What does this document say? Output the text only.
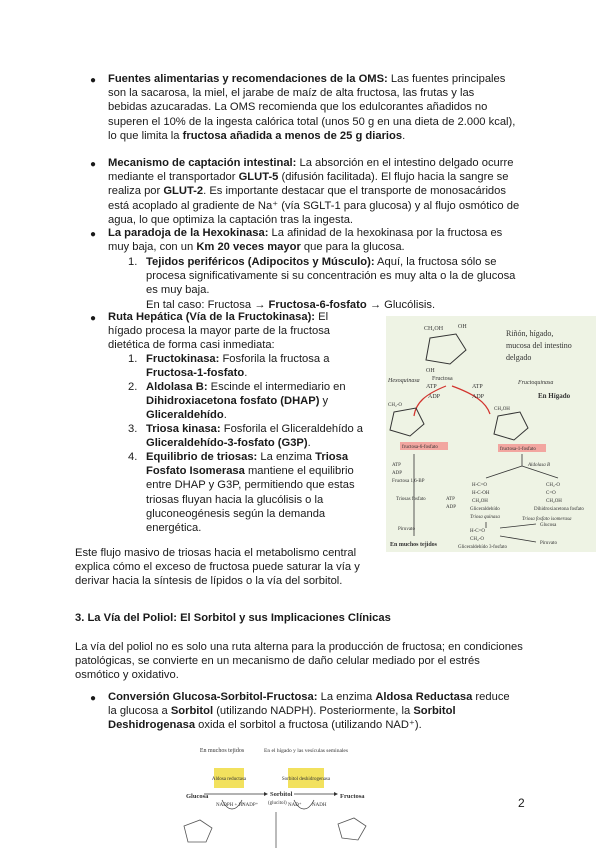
● Fuentes alimentarias y recomendaciones de la OMS: Las fuentes principales son la sacarosa, la miel, el jarabe de maíz de alta fructosa, las frutas y las bebidas azucaradas. La OMS recomienda que los edulcorantes añadidos no superen el 10% de la ingesta calórica total (unos 50 g en una dieta de 2.000 kcal), lo que limita la fructosa añadida a menos de 25 g diarios.

● Mecanismo de captación intestinal: La absorción en el intestino delgado ocurre mediante el transportador GLUT-5 (difusión facilitada). El flujo hacia la sangre se realiza por GLUT-2. Es importante destacar que el transporte de monosacáridos está acoplado al gradiente de Na⁺ (vía SGLT-1 para glucosa) y al flujo osmótico de agua, lo que optimiza la captación tras la ingesta.

● La paradoja de la Hexokinasa: La afinidad de la hexokinasa por la fructosa es muy baja, con un Km 20 veces mayor que para la glucosa.

1. Tejidos periféricos (Adipocitos y Músculo): Aquí, la fructosa sólo se procesa significativamente si su concentración es muy alta o la de glucosa es muy baja.

En tal caso: Fructosa → Fructosa-6-fosfato → Glucólisis.

● Ruta Hepática (Vía de la Fructokinasa): El hígado procesa la mayor parte de la fructosa dietética de forma casi inmediata:

1. Fructokinasa: Fosforila la fructosa a Fructosa-1-fosfato.

2. Aldolasa B: Escinde el intermediario en Dihidroxiacetona fosfato (DHAP) y Gliceraldehído.

3. Triosa kinasa: Fosforila el Gliceraldehído a Gliceraldehído-3-fosfato (G3P).

4. Equilibrio de triosas: La enzima Triosa Fosfato Isomerasa mantiene el equilibrio entre DHAP y G3P, permitiendo que estas triosas fluyan hacia la glucólisis o la gluconeogénesis según la demanda energética.

Este flujo masivo de triosas hacia el metabolismo central explica cómo el exceso de fructosa puede saturar la vía y derivar hacia la síntesis de lípidos o la vía del sorbitol.

CH₂OH OH
OH
Fructosa
Riñón, hígado,
mucosa del intestino
delgado
Hexoquinasa	Fructoquinasa
ATP
ADP
ATP
ADP	En Hígado
CH₂-O
CH₂OH
fructosa-6-fosfato	fructosa-1-fosfato
ATP
ADP
Fructosa 1,6-BP
Triosas fosfato
Piruvato
En muchos tejidos
Aldolasa B
H-C=O
H-C-OH
CH₂OH
Gliceraldehído
CH₂-O
C=O
CH₂OH
Dihidroxiacetona fosfato
ATP
ADP
Triosa quinasa	Triosa fosfato isomerasa
H-C=O
CH₂-O
Gliceraldehído 3-fosfato
Glucosa
Piruvato

3. La Vía del Poliol: El Sorbitol y sus Implicaciones Clínicas

La vía del poliol no es solo una ruta alterna para la producción de fructosa; en condiciones patológicas, se convierte en un mecanismo de daño celular mediado por el estrés osmótico y oxidativo.

● Conversión Glucosa-Sorbitol-Fructosa: La enzima Aldosa Reductasa reduce la glucosa a Sorbitol (utilizando NADPH). Posteriormente, la Sorbitol Deshidrogenasa oxida el sorbitol a fructosa (utilizando NAD⁺).

En muchos tejidos	En el hígado y las vesículas seminales
Aldosa reductasa	Sorbitol deshidrogenasa
Glucosa	Sorbitol
(glucitol)
Fructosa
NADPH + H⁺
NADP⁺	NAD⁺ NADH	2
